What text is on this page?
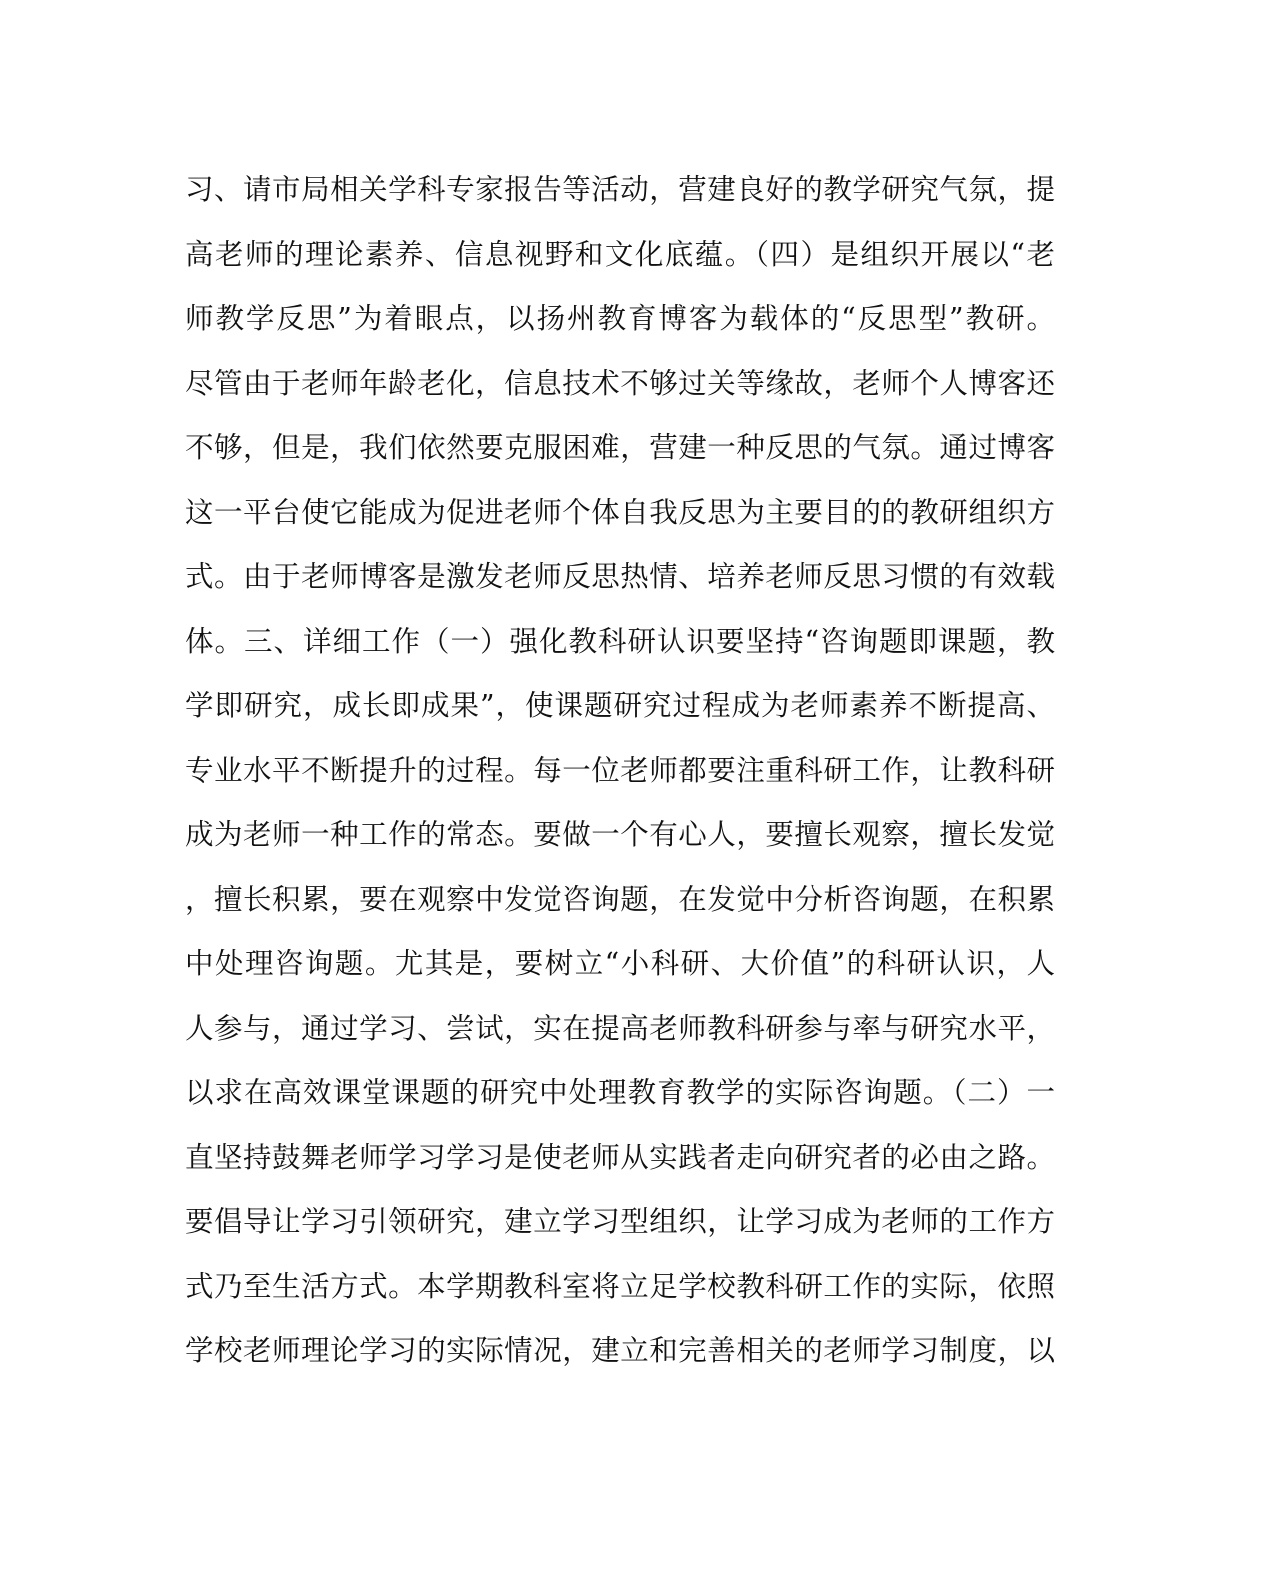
习、请市局相关学科专家报告等活动，营建良好的教学研究气氛，提
高老师的理论素养、信息视野和文化底蕴。（四）是组织开展以“老
师教学反思”为着眼点，以扬州教育博客为载体的“反思型”教研。
尽管由于老师年龄老化，信息技术不够过关等缘故，老师个人博客还
不够，但是，我们依然要克服困难，营建一种反思的气氛。通过博客
这一平台使它能成为促进老师个体自我反思为主要目的的教研组织方
式。由于老师博客是激发老师反思热情、培养老师反思习惯的有效载
体。三、详细工作（一）强化教科研认识要坚持“咨询题即课题，教
学即研究，成长即成果”，使课题研究过程成为老师素养不断提高、
专业水平不断提升的过程。每一位老师都要注重科研工作，让教科研
成为老师一种工作的常态。要做一个有心人，要擅长观察，擅长发觉
，擅长积累，要在观察中发觉咨询题，在发觉中分析咨询题，在积累
中处理咨询题。尤其是，要树立“小科研、大价值”的科研认识，人
人参与，通过学习、尝试，实在提高老师教科研参与率与研究水平，
以求在高效课堂课题的研究中处理教育教学的实际咨询题。（二）一
直坚持鼓舞老师学习学习是使老师从实践者走向研究者的必由之路。
要倡导让学习引领研究，建立学习型组织，让学习成为老师的工作方
式乃至生活方式。本学期教科室将立足学校教科研工作的实际，依照
学校老师理论学习的实际情况，建立和完善相关的老师学习制度，以
